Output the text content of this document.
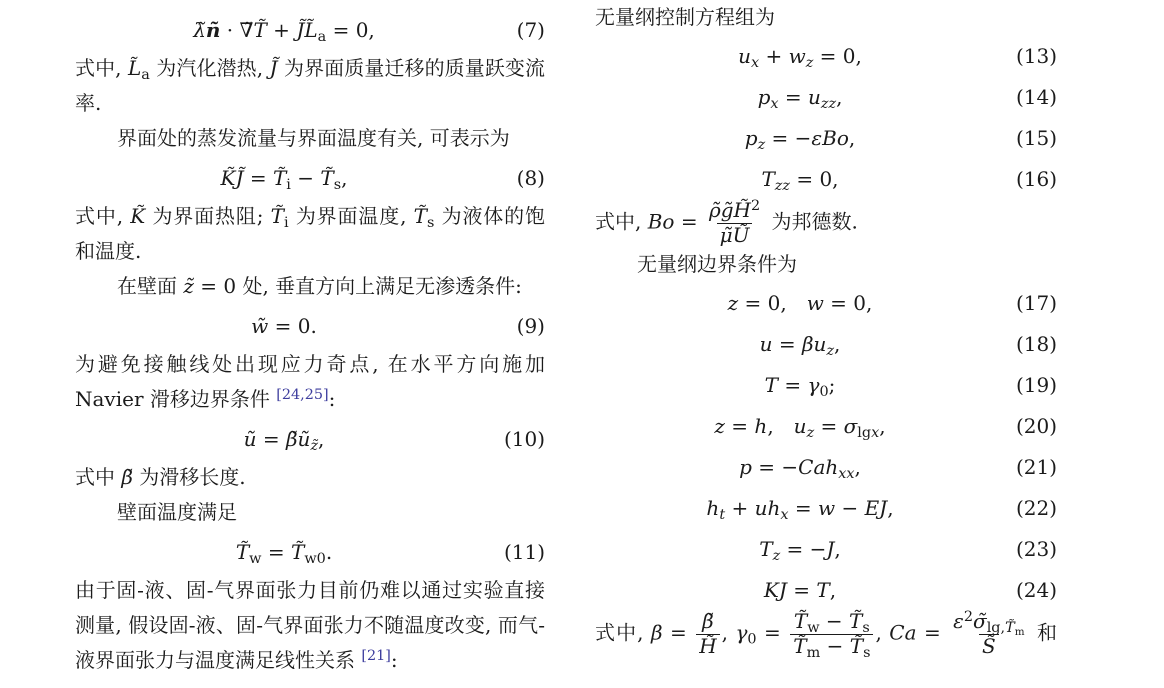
λ̃ñ · ∇̃T̃ + $J̃L̃_a = 0$,	(7)
式中, $L̃_a$ 为汽化潜热, J̃ 为界面质量迁移的质量跃变流率.
界面处的蒸发流量与界面温度有关, 可表示为
K̃J̃ = $T̃_i$ − $T̃_s$,	(8)
式中, K̃ 为界面热阻; $T̃_i$ 为界面温度, $T̃_s$ 为液体的饱和温度.
在壁面 z̃ = 0 处, 垂直方向上满足无渗透条件:
w̃ = 0.	(9)
为避免接触线处出现应力奇点, 在水平方向施加 Navier 滑移边界条件 [24,25]:
ũ = $\betãũ_{z̃}$,	(10)
式中 β̃ 为滑移长度.
壁面温度满足
$T̃_w$ = $T̃_{w0}$.	(11)
由于固-液、固-气界面张力目前仍难以通过实验直接测量, 假设固-液、固-气界面张力不随温度改变, 而气-液界面张力与温度满足线性关系 [21]:
无量纲控制方程组为
$u_x + w_z = 0$,	(13)
$p_x = u_{zz}$,	(14)
$p_z = -\varepsilon Bo$,	(15)
$T_{zz} = 0$,	(16)
式中, $Bo = \frac{\rhõg̃H̃^2}{\mũŨ}$ 为邦德数.
无量纲边界条件为
z = 0,   w = 0,	(17)
$u = \beta u_z$,	(18)
$T = \gamma_0$;	(19)
z = h,   $u_z = \sigma_{lgx}$,	(20)
p = −Cah$_{xx}$,	(21)
$h_t + uh_x = w$ − EJ,	(22)
$T_z = -J$,	(23)
KJ = T,	(24)
式中, $\beta = \frac{\betã}{H̃}$ , $\gamma_0 = \frac{T̃_w - T̃_s}{T̃_m - T̃_s}$ , $Ca = \frac{\varepsilon^2\sigmã_{lg,T̃_m}}{S̃}$ 和
